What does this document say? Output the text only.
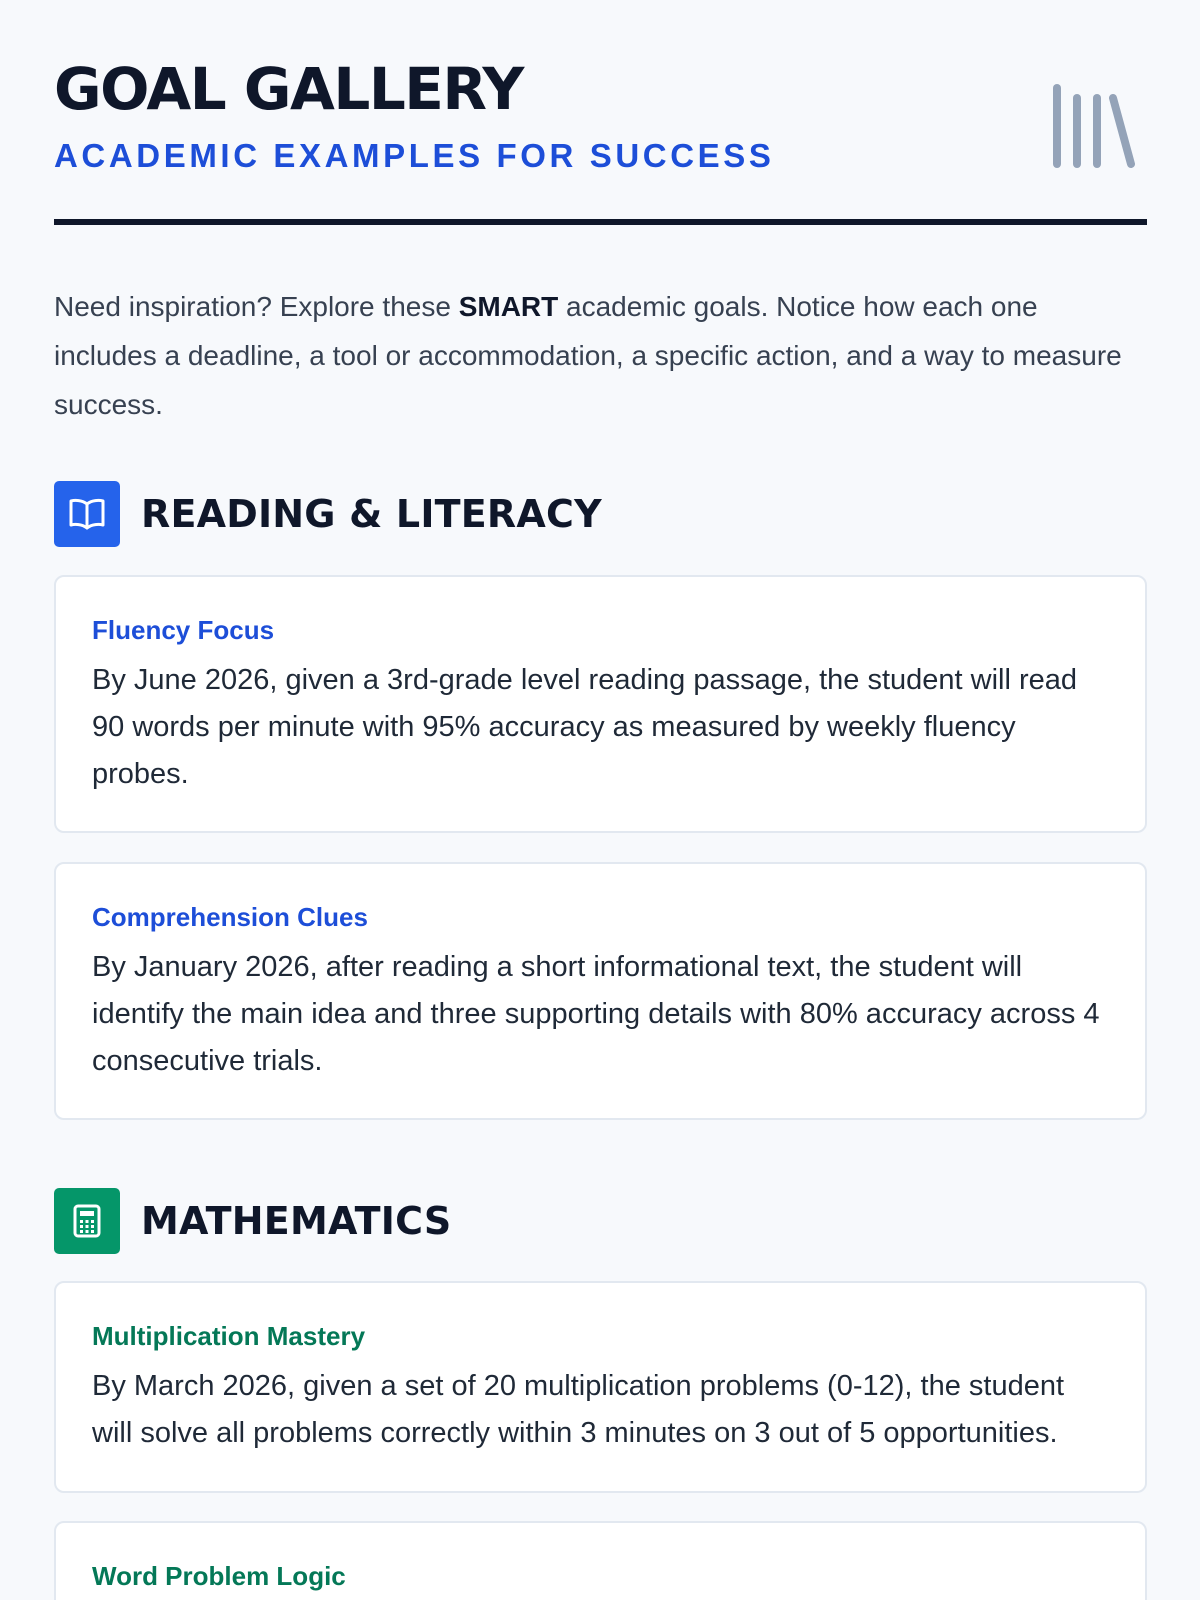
GOAL GALLERY
ACADEMIC EXAMPLES FOR SUCCESS

Need inspiration? Explore these SMART academic goals. Notice how each one includes a deadline, a tool or accommodation, a specific action, and a way to measure success.

READING & LITERACY
Fluency Focus
By June 2026, given a 3rd-grade level reading passage, the student will read 90 words per minute with 95% accuracy as measured by weekly fluency probes.
Comprehension Clues
By January 2026, after reading a short informational text, the student will identify the main idea and three supporting details with 80% accuracy across 4 consecutive trials.
MATHEMATICS
Multiplication Mastery
By March 2026, given a set of 20 multiplication problems (0-12), the student will solve all problems correctly within 3 minutes on 3 out of 5 opportunities.
Word Problem Logic
